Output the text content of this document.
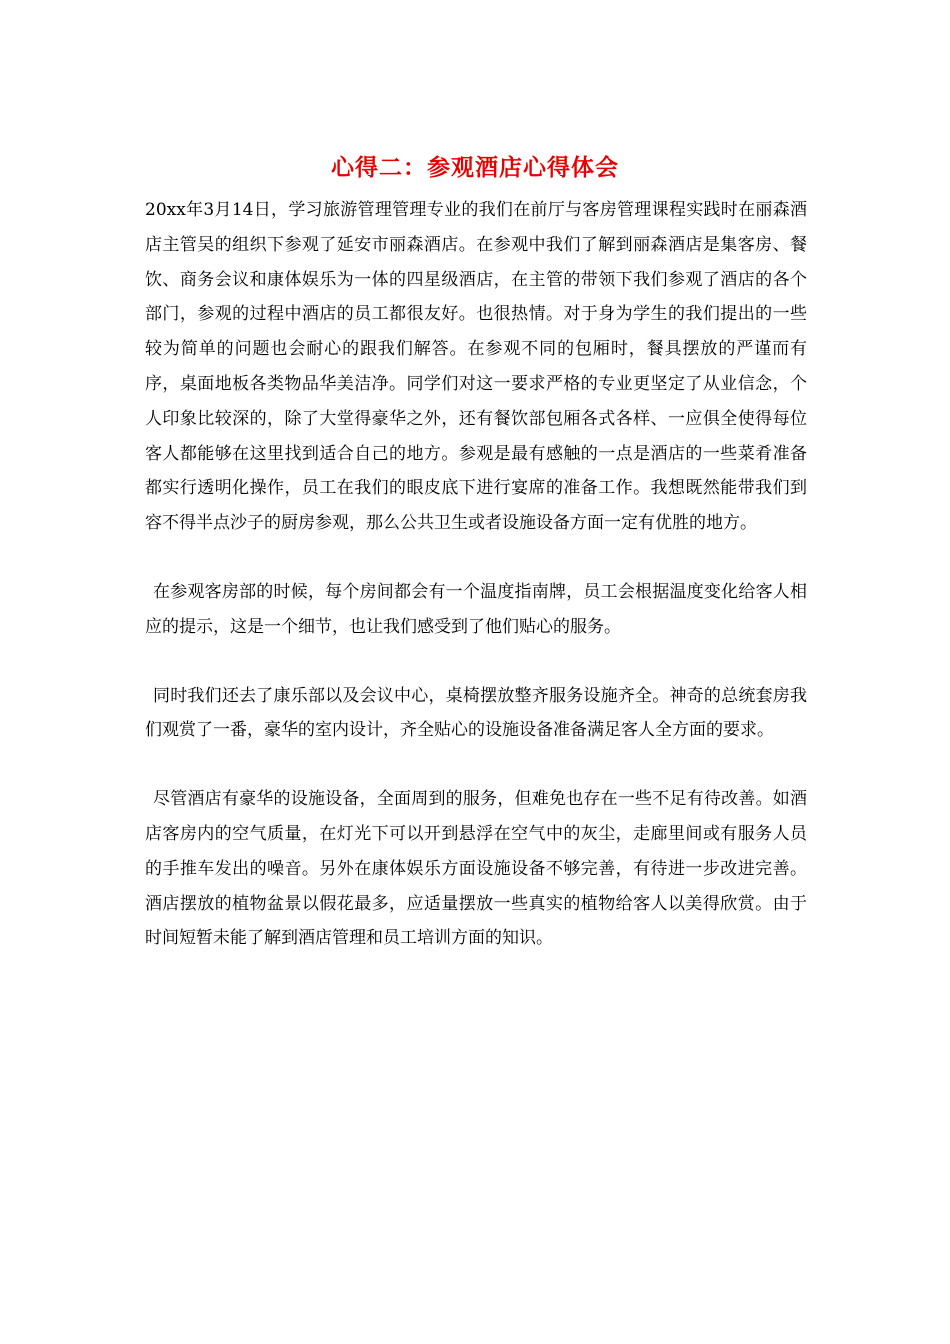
心得二：参观酒店心得体会

20xx年3月14日，学习旅游管理管理专业的我们在前厅与客房管理课程实践时在丽森酒店主管吴的组织下参观了延安市丽森酒店。在参观中我们了解到丽森酒店是集客房、餐饮、商务会议和康体娱乐为一体的四星级酒店，在主管的带领下我们参观了酒店的各个部门，参观的过程中酒店的员工都很友好。也很热情。对于身为学生的我们提出的一些较为简单的问题也会耐心的跟我们解答。在参观不同的包厢时，餐具摆放的严谨而有序，桌面地板各类物品华美洁净。同学们对这一要求严格的专业更坚定了从业信念，个人印象比较深的，除了大堂得豪华之外，还有餐饮部包厢各式各样、一应俱全使得每位客人都能够在这里找到适合自己的地方。参观是最有感触的一点是酒店的一些菜肴准备都实行透明化操作，员工在我们的眼皮底下进行宴席的准备工作。我想既然能带我们到容不得半点沙子的厨房参观，那么公共卫生或者设施设备方面一定有优胜的地方。

在参观客房部的时候，每个房间都会有一个温度指南牌，员工会根据温度变化给客人相应的提示，这是一个细节，也让我们感受到了他们贴心的服务。

同时我们还去了康乐部以及会议中心，桌椅摆放整齐服务设施齐全。神奇的总统套房我们观赏了一番，豪华的室内设计，齐全贴心的设施设备准备满足客人全方面的要求。

尽管酒店有豪华的设施设备，全面周到的服务，但难免也存在一些不足有待改善。如酒店客房内的空气质量，在灯光下可以开到悬浮在空气中的灰尘，走廊里间或有服务人员的手推车发出的噪音。另外在康体娱乐方面设施设备不够完善，有待进一步改进完善。酒店摆放的植物盆景以假花最多，应适量摆放一些真实的植物给客人以美得欣赏。由于时间短暂未能了解到酒店管理和员工培训方面的知识。
